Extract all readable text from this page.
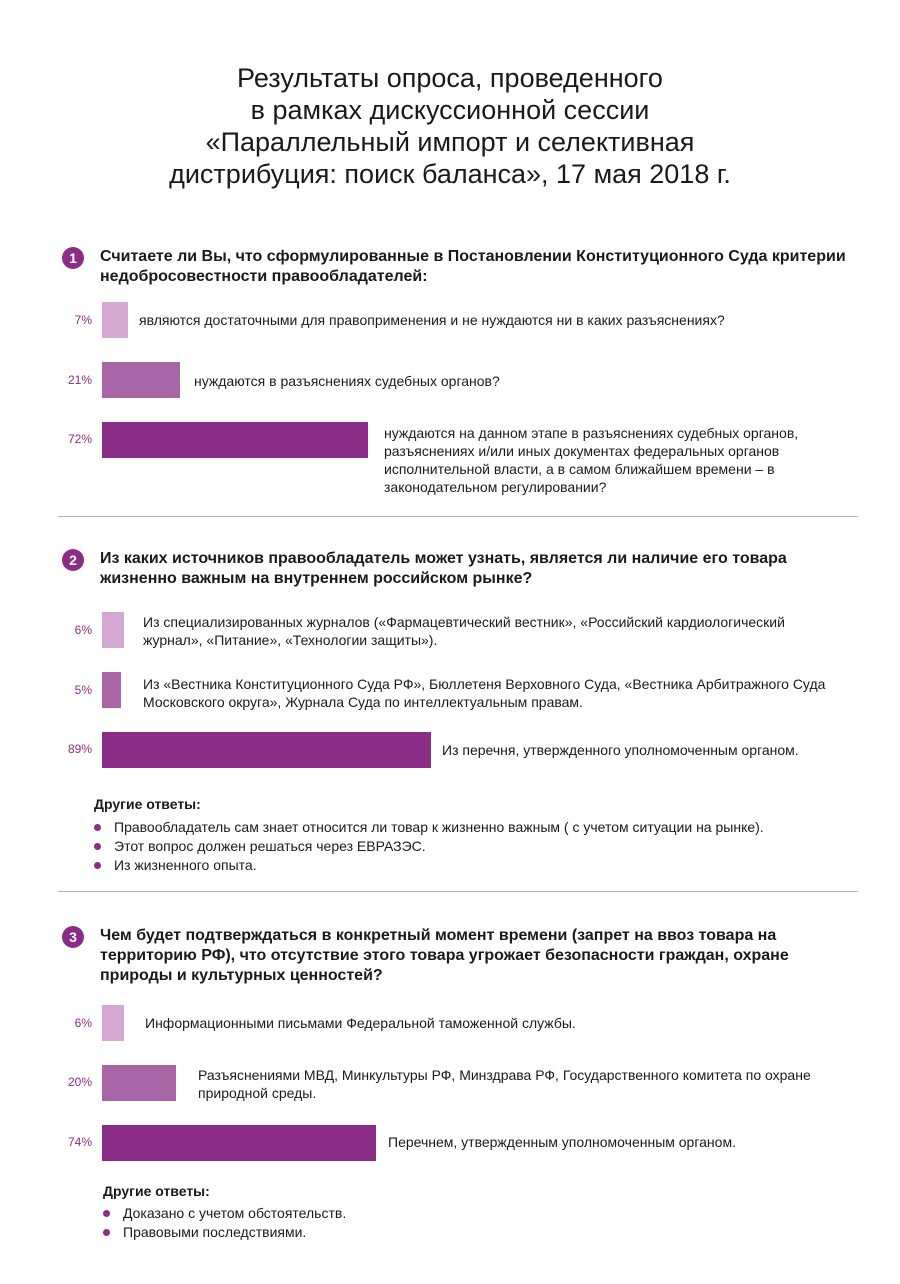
Результаты опроса, проведенного
в рамках дискуссионной сессии
«Параллельный импорт и селективная
дистрибуция: поиск баланса», 17 мая 2018 г.
1	Считаете ли Вы, что сформулированные в Постановлении Конституционного Суда критерии недобросовестности правообладателей:
7%	являются достаточными для правоприменения и не нуждаются ни в каких разъяснениях?
21%	нуждаются в разъяснениях судебных органов?
72%	нуждаются на данном этапе в разъяснениях судебных органов, разъяснениях и/или иных документах федеральных органов исполнительной власти, а в самом ближайшем времени – в законодательном регулировании?
2	Из каких источников правообладатель может узнать, является ли наличие его товара жизненно важным на внутреннем российском рынке?
6%	Из специализированных журналов («Фармацевтический вестник», «Российский кардиологический журнал», «Питание», «Технологии защиты»).
5%	Из «Вестника Конституционного Суда РФ», Бюллетеня Верховного Суда, «Вестника Арбитражного Суда Московского округа», Журнала Суда по интеллектуальным правам.
89%	Из перечня, утвержденного уполномоченным органом.
Другие ответы:
Правообладатель сам знает относится ли товар к жизненно важным ( с учетом ситуации на рынке).
Этот вопрос должен решаться через ЕВРАЗЭС.
Из жизненного опыта.
3	Чем будет подтверждаться в конкретный момент времени (запрет на ввоз товара на территорию РФ), что отсутствие этого товара угрожает безопасности граждан, охране природы и культурных ценностей?
6%	Информационными письмами Федеральной таможенной службы.
20%	Разъяснениями МВД, Минкультуры РФ, Минздрава РФ, Государственного комитета по охране природной среды.
74%	Перечнем, утвержденным уполномоченным органом.
Другие ответы:
Доказано с учетом обстоятельств.
Правовыми последствиями.
